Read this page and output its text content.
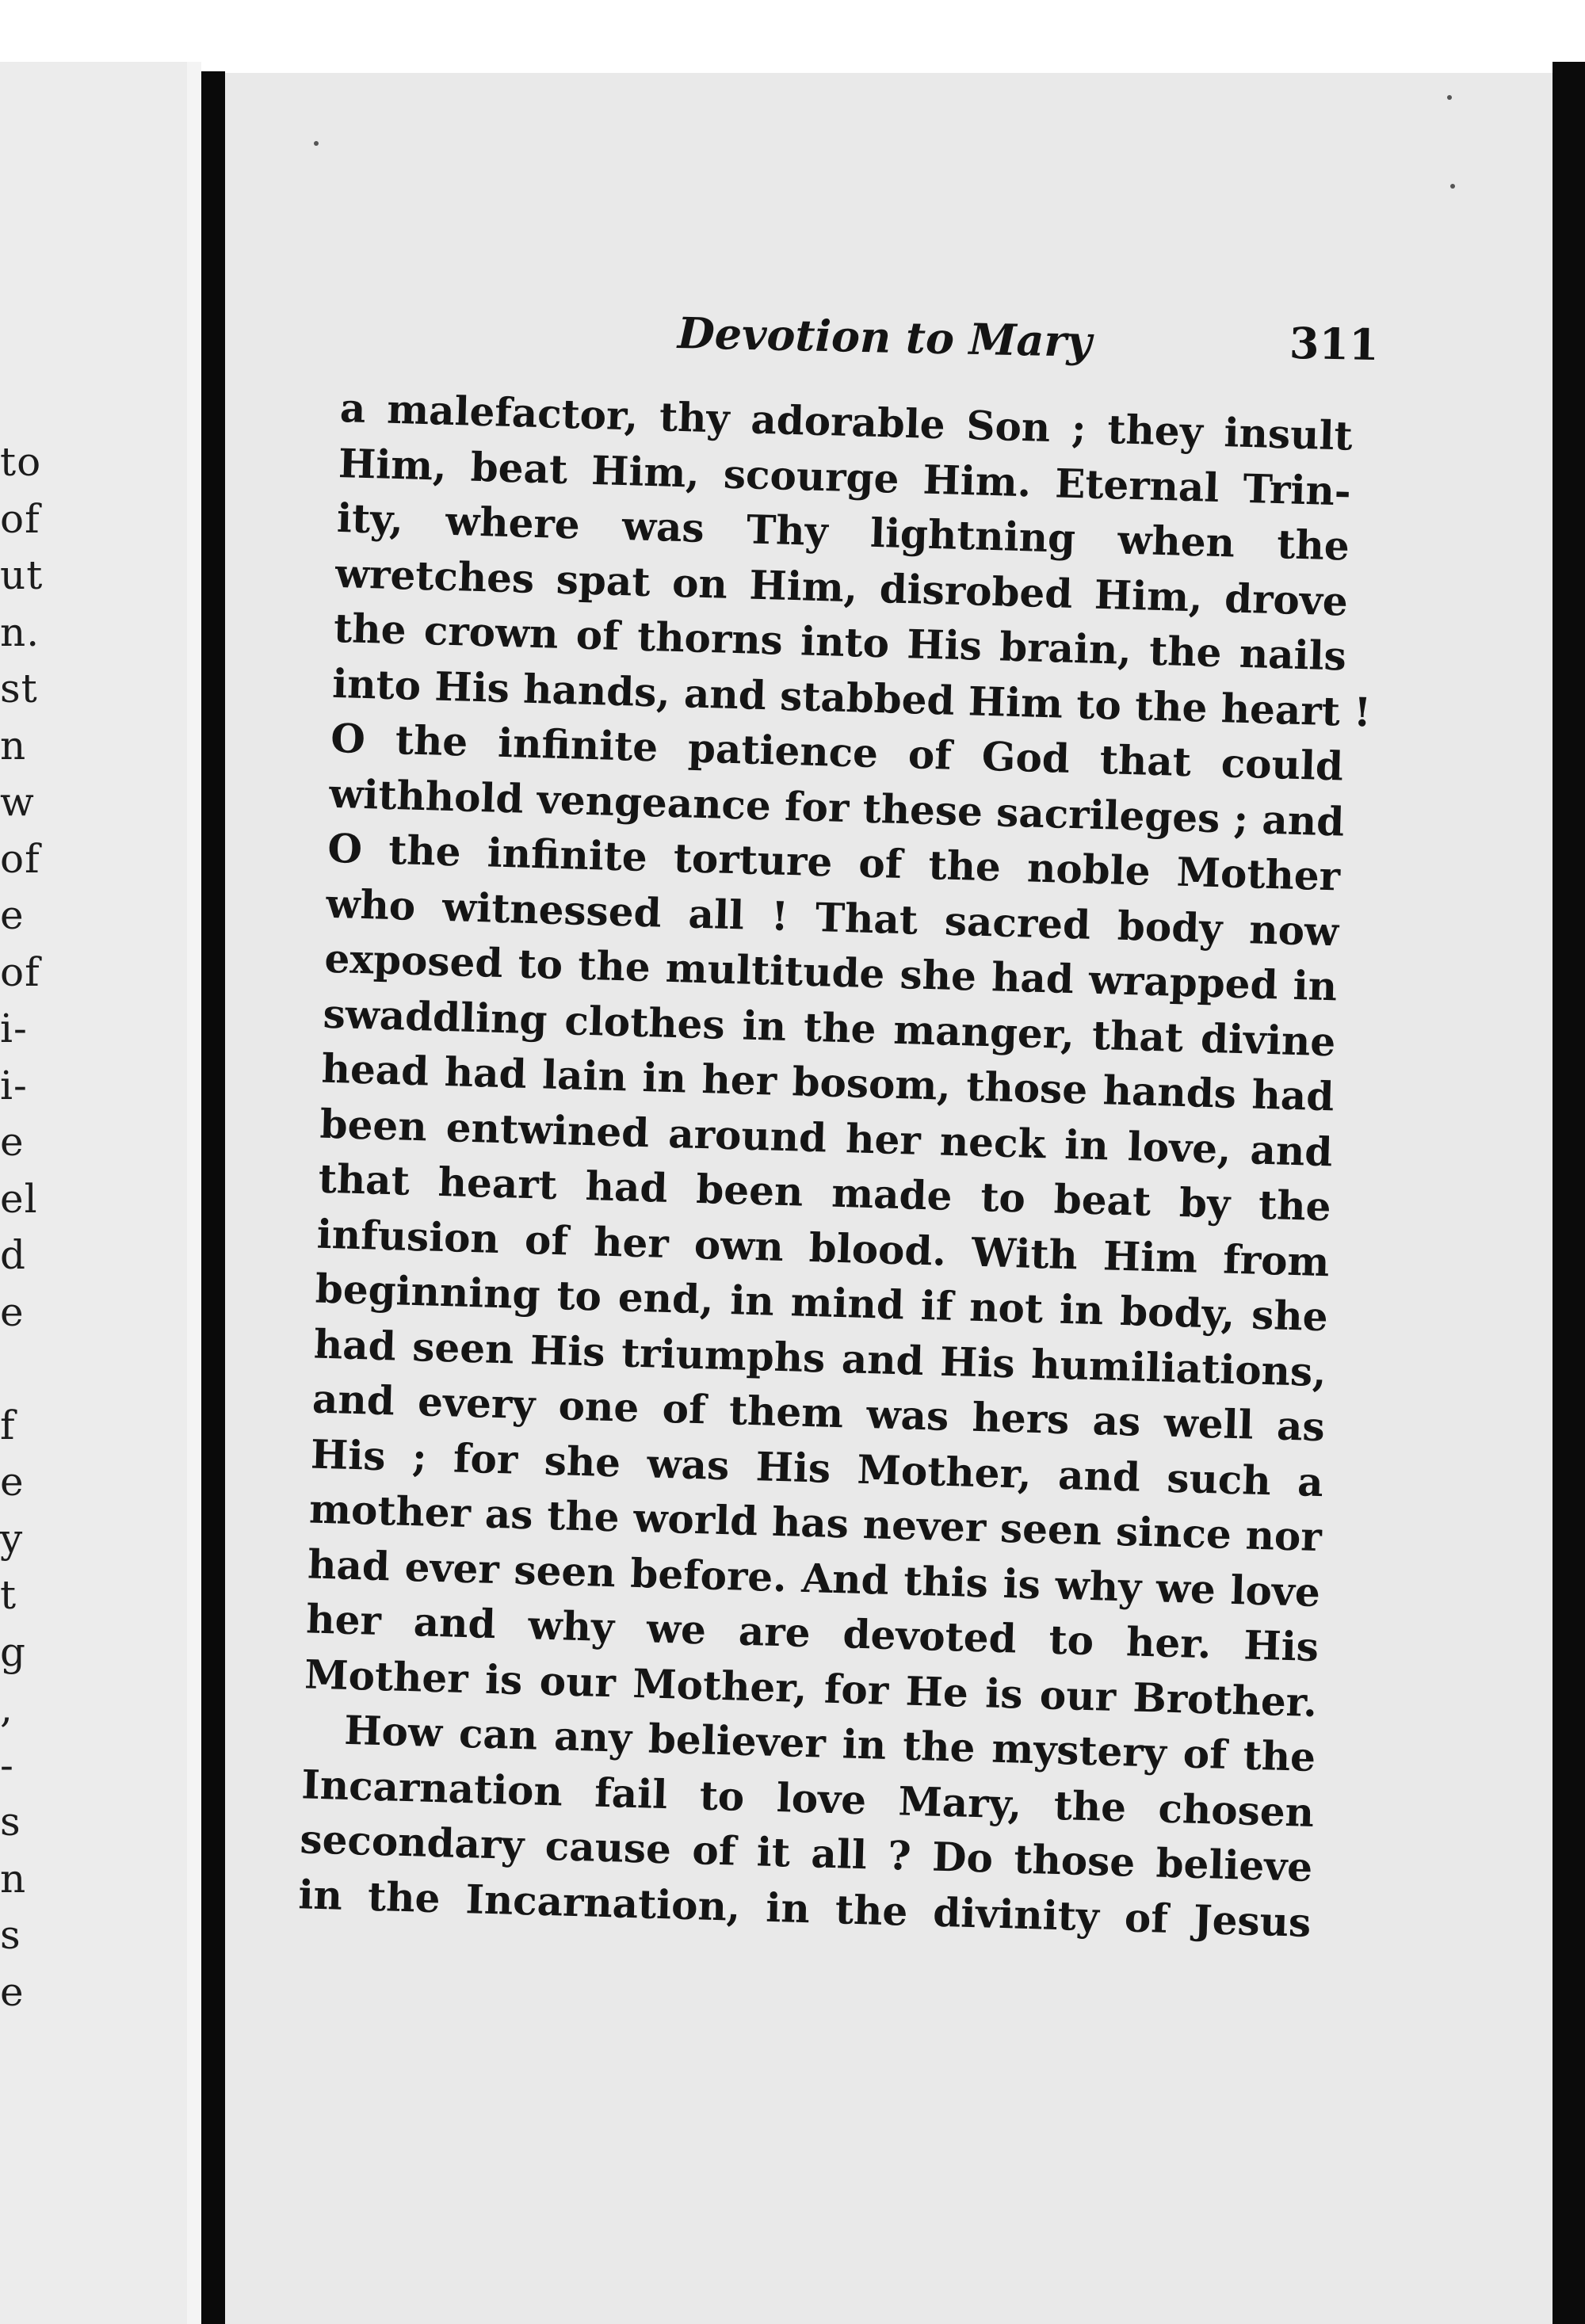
to
of
ut
n.
st
n
w
of
e
of
i-
i-
e
el
d
e
f
e
y
t
g
,
-
s
n
s
e
Devotion to Mary	311
a malefactor, thy adorable Son ; they insult
Him, beat Him, scourge Him. Eternal Trin-
ity, where was Thy lightning when the
wretches spat on Him, disrobed Him, drove
the crown of thorns into His brain, the nails
into His hands, and stabbed Him to the heart !
O the infinite patience of God that could
withhold vengeance for these sacrileges ; and
O the infinite torture of the noble Mother
who witnessed all ! That sacred body now
exposed to the multitude she had wrapped in
swaddling clothes in the manger, that divine
head had lain in her bosom, those hands had
been entwined around her neck in love, and
that heart had been made to beat by the
infusion of her own blood. With Him from
beginning to end, in mind if not in body, she
had seen His triumphs and His humiliations,
and every one of them was hers as well as
His ; for she was His Mother, and such a
mother as the world has never seen since nor
had ever seen before. And this is why we love
her and why we are devoted to her. His
Mother is our Mother, for He is our Brother.
How can any believer in the mystery of the
Incarnation fail to love Mary, the chosen
secondary cause of it all ? Do those believe
in the Incarnation, in the divinity of Jesus
